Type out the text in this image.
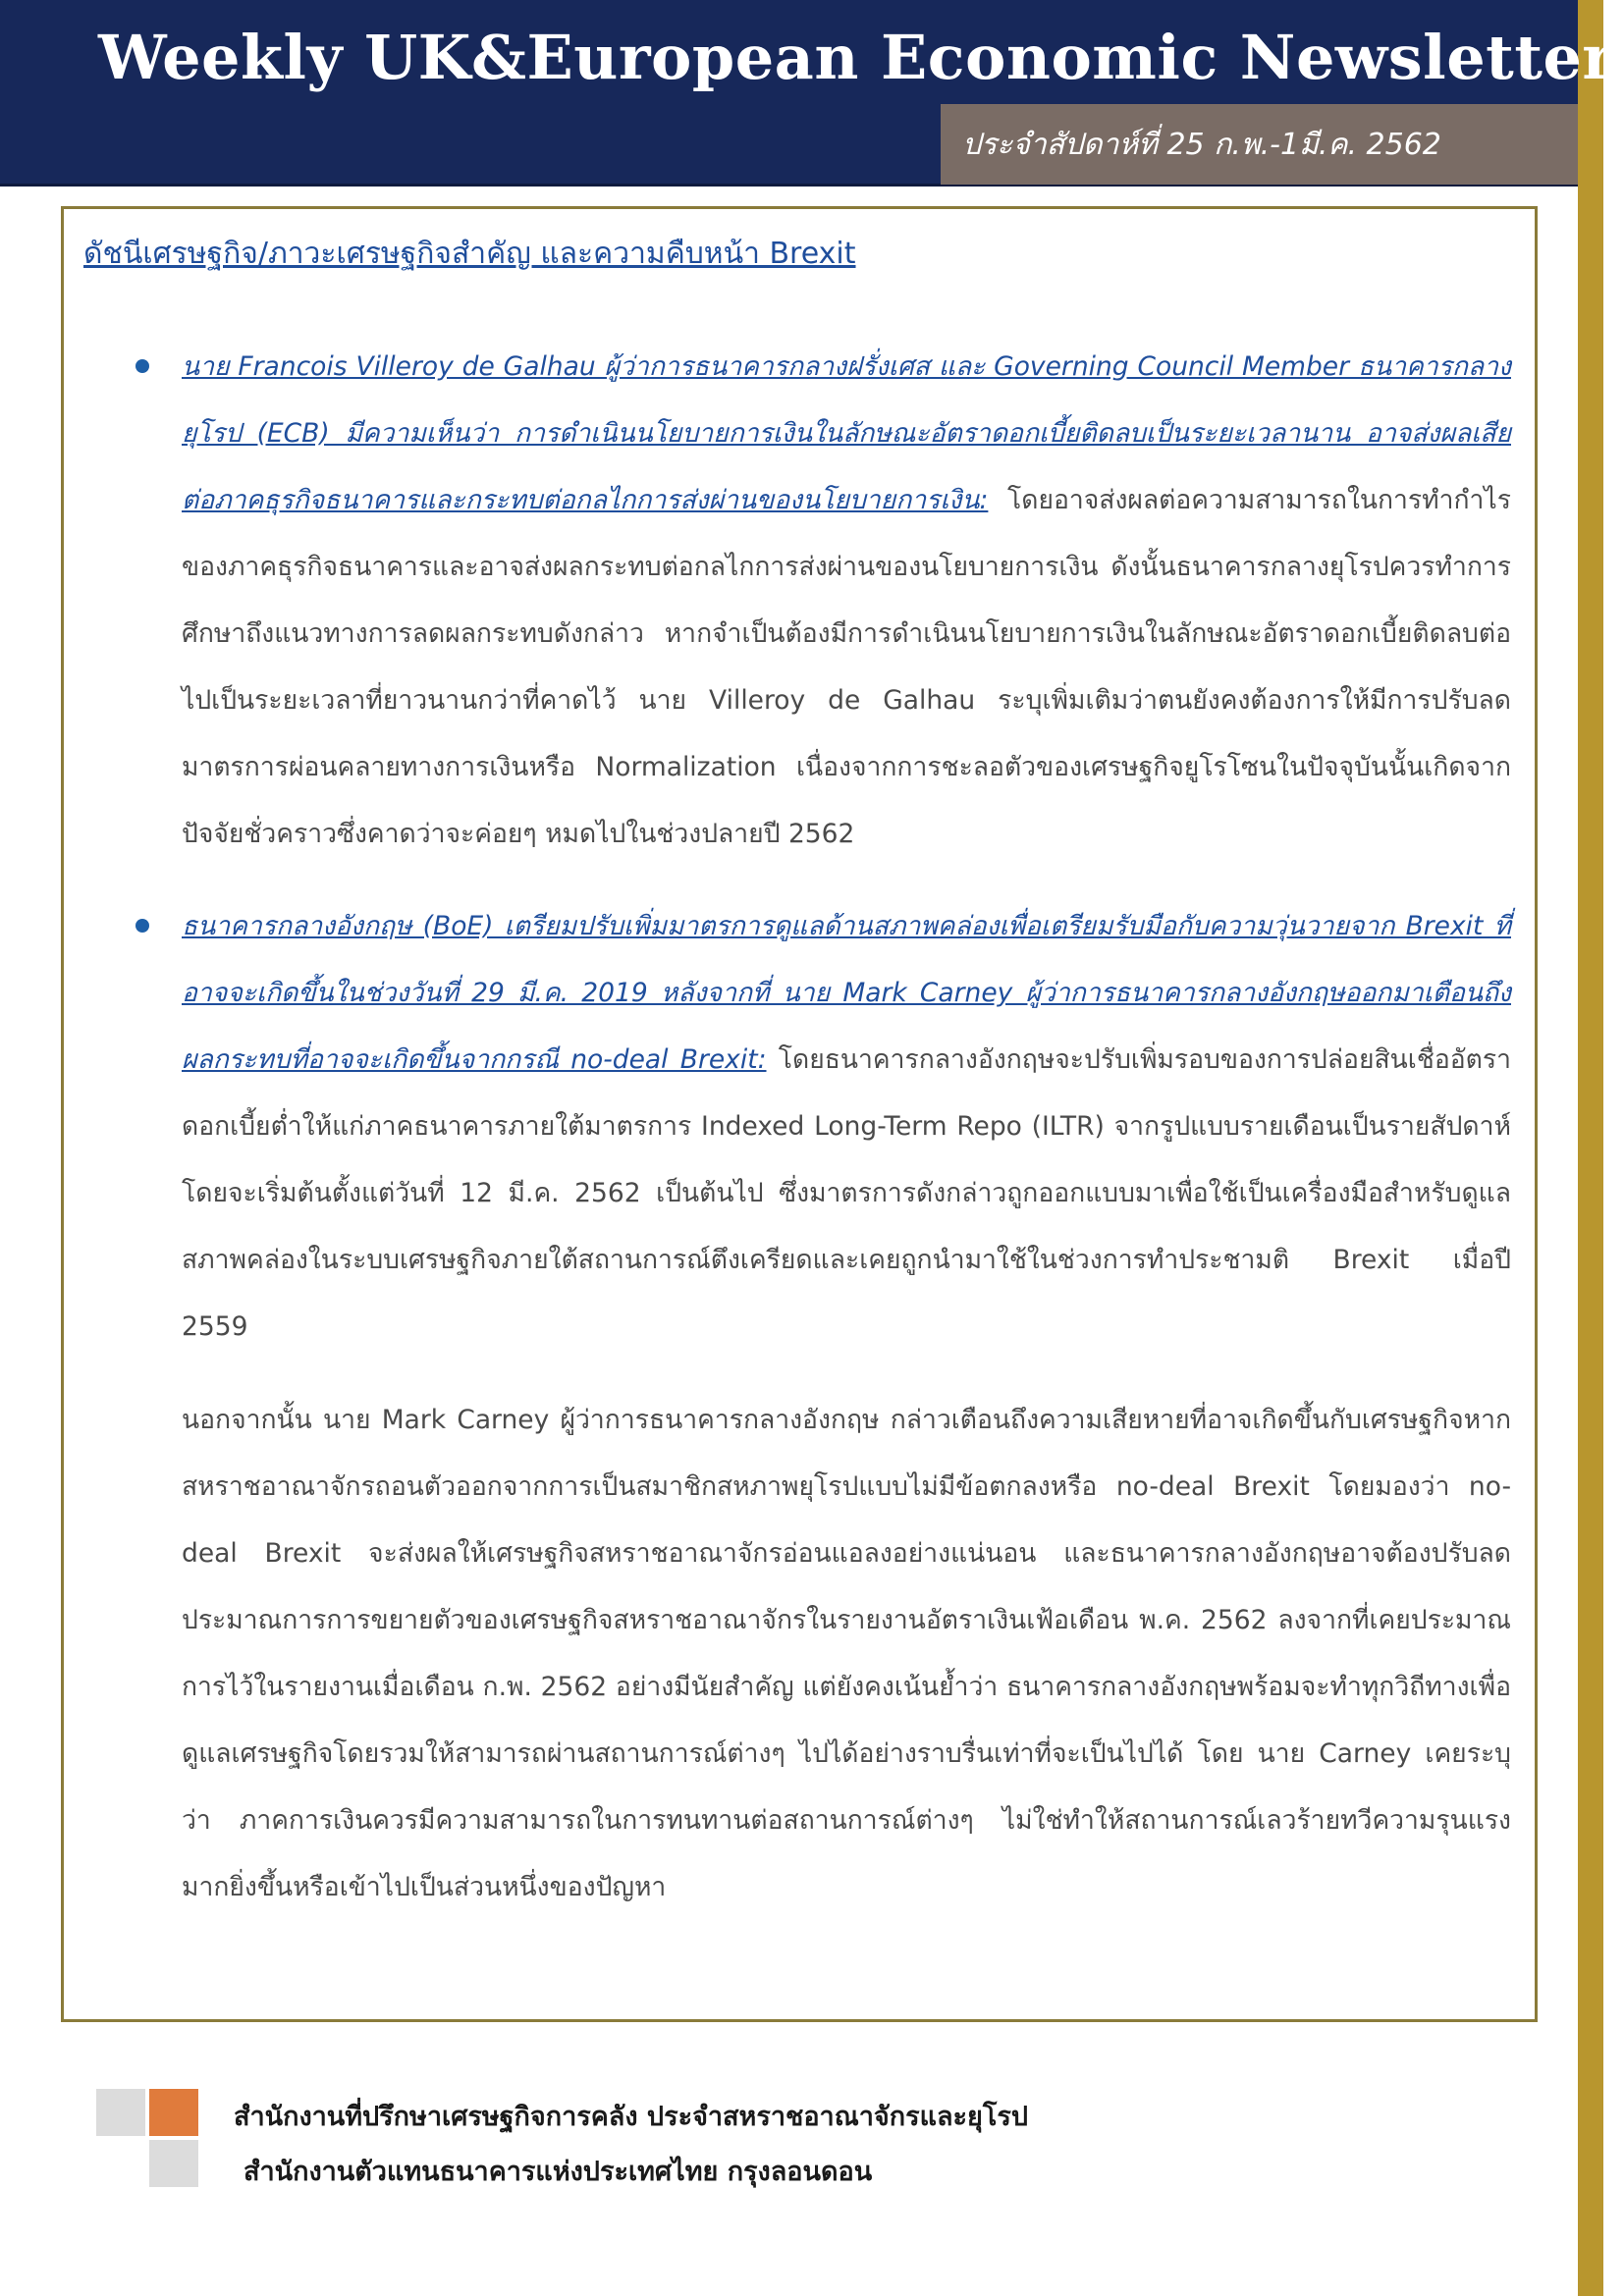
Weekly UK&European Economic Newsletter
ประจำสัปดาห์ที่ 25 ก.พ.-1มี.ค. 2562
ดัชนีเศรษฐกิจ/ภาวะเศรษฐกิจสำคัญ และความคืบหน้า Brexit

นาย Francois Villeroy de Galhau ผู้ว่าการธนาคารกลางฝรั่งเศส และ Governing Council Member ธนาคารกลางยุโรป (ECB) มีความเห็นว่า การดำเนินนโยบายการเงินในลักษณะอัตราดอกเบี้ยติดลบเป็นระยะเวลานาน อาจส่งผลเสียต่อภาคธุรกิจธนาคารและกระทบต่อกลไกการส่งผ่านของนโยบายการเงิน: โดยอาจส่งผลต่อความสามารถในการทำกำไรของภาคธุรกิจธนาคารและอาจส่งผลกระทบต่อกลไกการส่งผ่านของนโยบายการเงิน ดังนั้นธนาคารกลางยุโรปควรทำการศึกษาถึงแนวทางการลดผลกระทบดังกล่าว หากจำเป็นต้องมีการดำเนินนโยบายการเงินในลักษณะอัตราดอกเบี้ยติดลบต่อไปเป็นระยะเวลาที่ยาวนานกว่าที่คาดไว้ นาย Villeroy de Galhau ระบุเพิ่มเติมว่าตนยังคงต้องการให้มีการปรับลดมาตรการผ่อนคลายทางการเงินหรือ Normalization เนื่องจากการชะลอตัวของเศรษฐกิจยูโรโซนในปัจจุบันนั้นเกิดจากปัจจัยชั่วคราวซึ่งคาดว่าจะค่อยๆ หมดไปในช่วงปลายปี 2562

ธนาคารกลางอังกฤษ (BoE) เตรียมปรับเพิ่มมาตรการดูแลด้านสภาพคล่องเพื่อเตรียมรับมือกับความวุ่นวายจาก Brexit ที่อาจจะเกิดขึ้นในช่วงวันที่ 29 มี.ค. 2019 หลังจากที่ นาย Mark Carney ผู้ว่าการธนาคารกลางอังกฤษออกมาเตือนถึงผลกระทบที่อาจจะเกิดขึ้นจากกรณี no-deal Brexit: โดยธนาคารกลางอังกฤษจะปรับเพิ่มรอบของการปล่อยสินเชื่ออัตราดอกเบี้ยต่ำให้แก่ภาคธนาคารภายใต้มาตรการ Indexed Long-Term Repo (ILTR) จากรูปแบบรายเดือนเป็นรายสัปดาห์ โดยจะเริ่มต้นตั้งแต่วันที่ 12 มี.ค. 2562 เป็นต้นไป ซึ่งมาตรการดังกล่าวถูกออกแบบมาเพื่อใช้เป็นเครื่องมือสำหรับดูแลสภาพคล่องในระบบเศรษฐกิจภายใต้สถานการณ์ตึงเครียดและเคยถูกนำมาใช้ในช่วงการทำประชามติ Brexit เมื่อปี 2559

นอกจากนั้น นาย Mark Carney ผู้ว่าการธนาคารกลางอังกฤษ กล่าวเตือนถึงความเสียหายที่อาจเกิดขึ้นกับเศรษฐกิจหากสหราชอาณาจักรถอนตัวออกจากการเป็นสมาชิกสหภาพยุโรปแบบไม่มีข้อตกลงหรือ no-deal Brexit โดยมองว่า no-deal Brexit จะส่งผลให้เศรษฐกิจสหราชอาณาจักรอ่อนแอลงอย่างแน่นอน และธนาคารกลางอังกฤษอาจต้องปรับลดประมาณการการขยายตัวของเศรษฐกิจสหราชอาณาจักรในรายงานอัตราเงินเฟ้อเดือน พ.ค. 2562 ลงจากที่เคยประมาณการไว้ในรายงานเมื่อเดือน ก.พ. 2562 อย่างมีนัยสำคัญ แต่ยังคงเน้นย้ำว่า ธนาคารกลางอังกฤษพร้อมจะทำทุกวิถีทางเพื่อดูแลเศรษฐกิจโดยรวมให้สามารถผ่านสถานการณ์ต่างๆ ไปได้อย่างราบรื่นเท่าที่จะเป็นไปได้ โดย นาย Carney เคยระบุว่า ภาคการเงินควรมีความสามารถในการทนทานต่อสถานการณ์ต่างๆ ไม่ใช่ทำให้สถานการณ์เลวร้ายทวีความรุนแรงมากยิ่งขึ้นหรือเข้าไปเป็นส่วนหนึ่งของปัญหา

สำนักงานที่ปรึกษาเศรษฐกิจการคลัง ประจำสหราชอาณาจักรและยุโรป
สำนักงานตัวแทนธนาคารแห่งประเทศไทย กรุงลอนดอน
